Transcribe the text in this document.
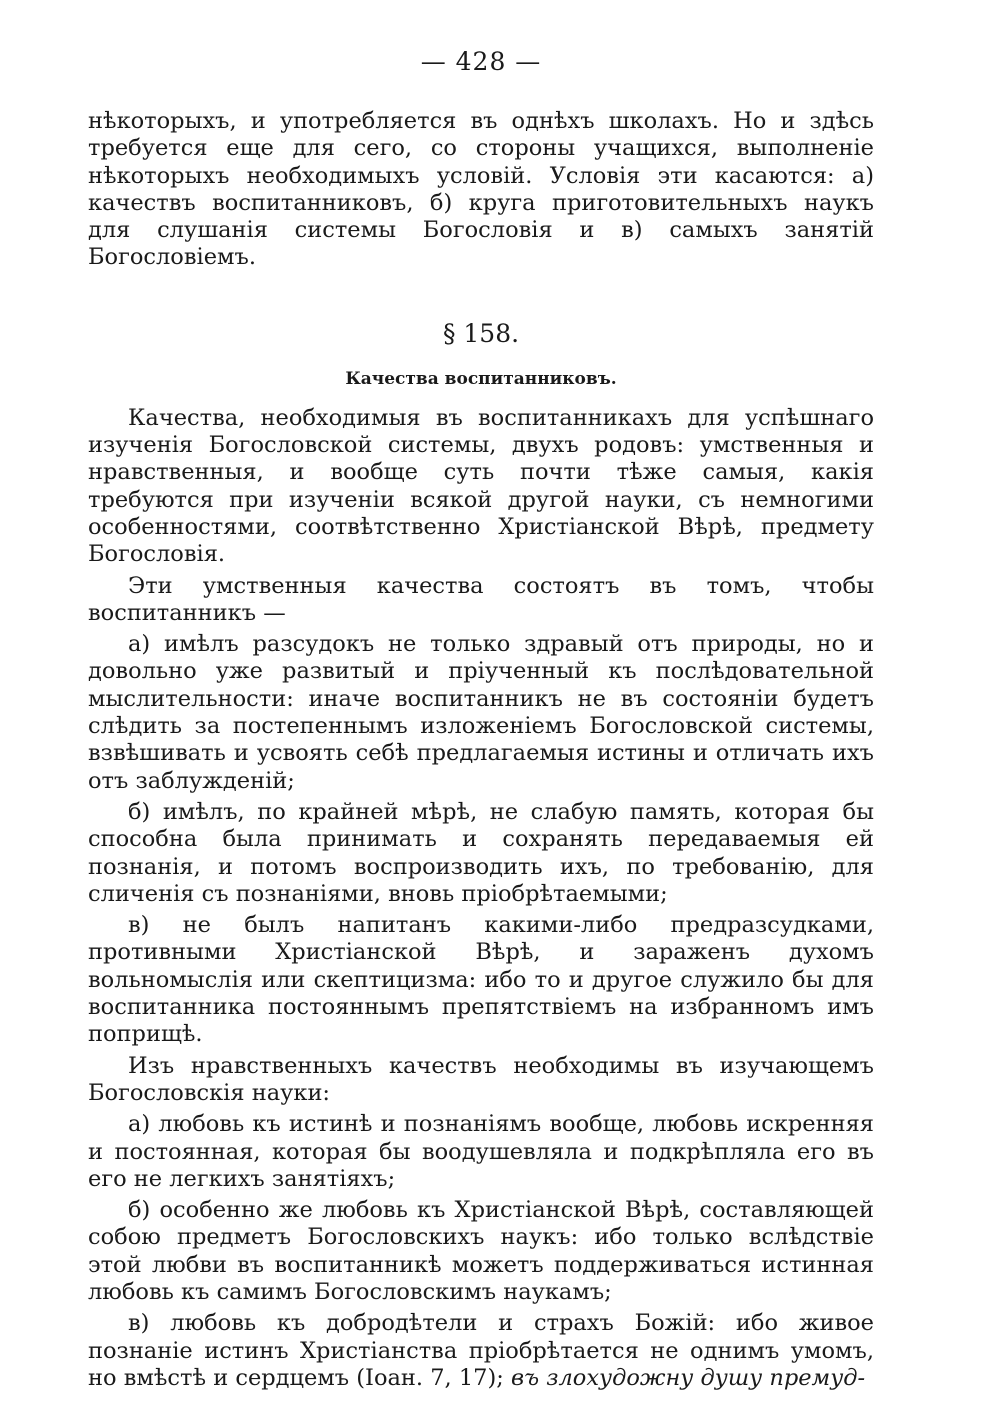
— 428 —

нѣкоторыхъ, и употребляется въ однѣхъ школахъ. Но и здѣсь требуется еще для сего, со стороны учащихся, выполненіе нѣкоторыхъ необходимыхъ условій. Условія эти касаются: а) качествъ воспитанниковъ, б) круга приготовительныхъ наукъ для слушанія системы Богословія и в) самыхъ занятій Богословіемъ.

§ 158.
Качества воспитанниковъ.

Качества, необходимыя въ воспитанникахъ для успѣшнаго изученія Богословской системы, двухъ родовъ: умственныя и нравственныя, и вообще суть почти тѣже самыя, какія требуются при изученіи всякой другой науки, съ немногими особенностями, соотвѣтственно Христіанской Вѣрѣ, предмету Богословія.

Эти умственныя качества состоятъ въ томъ, чтобы воспитанникъ —

а) имѣлъ разсудокъ не только здравый отъ природы, но и довольно уже развитый и пріученный къ послѣдовательной мыслительности: иначе воспитанникъ не въ состояніи будетъ слѣдить за постепеннымъ изложеніемъ Богословской системы, взвѣшивать и усвоять себѣ предлагаемыя истины и отличать ихъ отъ заблужденій;

б) имѣлъ, по крайней мѣрѣ, не слабую память, которая бы способна была принимать и сохранять передаваемыя ей познанія, и потомъ воспроизводить ихъ, по требованію, для сличенія съ познаніями, вновь пріобрѣтаемыми;

в) не былъ напитанъ какими-либо предразсудками, противными Христіанской Вѣрѣ, и зараженъ духомъ вольномыслія или скептицизма: ибо то и другое служило бы для воспитанника постояннымъ препятствіемъ на избранномъ имъ поприщѣ.

Изъ нравственныхъ качествъ необходимы въ изучающемъ Богословскія науки:

а) любовь къ истинѣ и познаніямъ вообще, любовь искренняя и постоянная, которая бы воодушевляла и подкрѣпляла его въ его не легкихъ занятіяхъ;

б) особенно же любовь къ Христіанской Вѣрѣ, составляющей собою предметъ Богословскихъ наукъ: ибо только вслѣдствіе этой любви въ воспитанникѣ можетъ поддерживаться истинная любовь къ самимъ Богословскимъ наукамъ;

в) любовь къ добродѣтели и страхъ Божій: ибо живое познаніе истинъ Христіанства пріобрѣтается не однимъ умомъ, но вмѣстѣ и сердцемъ (Іоан. 7, 17); въ злохудожну душу премуд-
